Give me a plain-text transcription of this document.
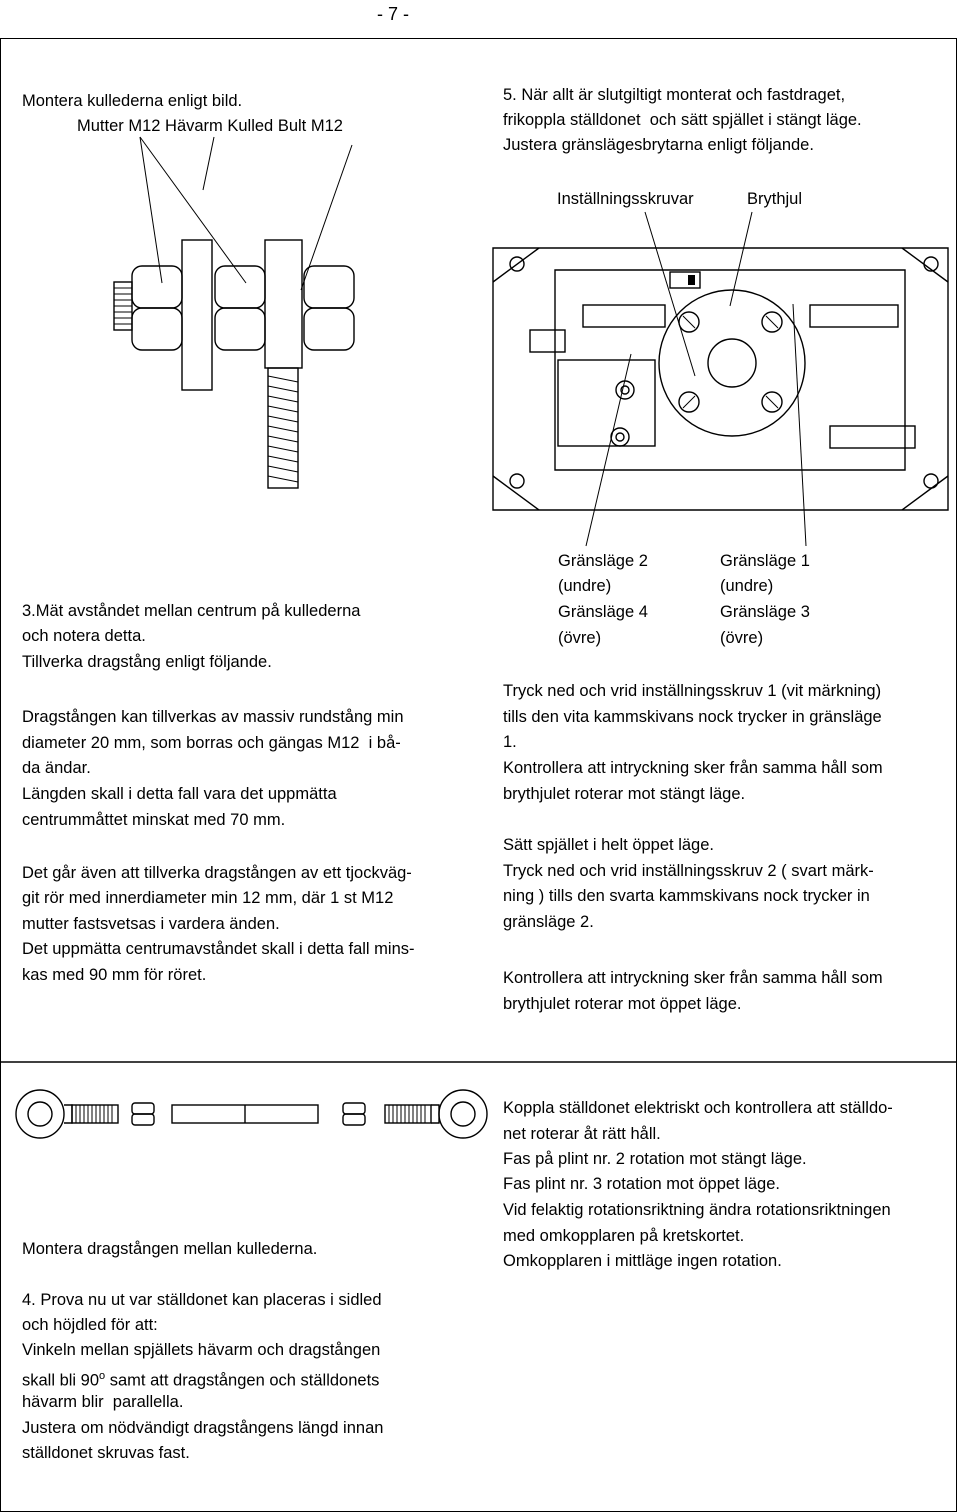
- 7 -
Montera kullederna enligt bild.
Mutter M12 Hävarm Kulled Bult M12
5. När allt är slutgiltigt monterat och fastdraget,
frikoppla ställdonet  och sätt spjället i stängt läge.
Justera gränslägesbrytarna enligt följande.
Inställningsskruvar	Brythjul
Gränsläge 2
(undre)
Gränsläge 4
(övre)
Gränsläge 1
(undre)
Gränsläge 3
(övre)
3.Mät avståndet mellan centrum på kullederna
och notera detta.
Tillverka dragstång enligt följande.
Dragstången kan tillverkas av massiv rundstång min
diameter 20 mm, som borras och gängas M12  i bå-
da ändar.
Längden skall i detta fall vara det uppmätta
centrummåttet minskat med 70 mm.
Det går även att tillverka dragstången av ett tjockväg-
git rör med innerdiameter min 12 mm, där 1 st M12
mutter fastsvetsas i vardera änden.
Det uppmätta centrumavståndet skall i detta fall mins-
kas med 90 mm för röret.
Tryck ned och vrid inställningsskruv 1 (vit märkning)
tills den vita kammskivans nock trycker in gränsläge
1.
Kontrollera att intryckning sker från samma håll som
brythjulet roterar mot stängt läge.
Sätt spjället i helt öppet läge.
Tryck ned och vrid inställningsskruv 2 ( svart märk-
ning ) tills den svarta kammskivans nock trycker in
gränsläge 2.
Kontrollera att intryckning sker från samma håll som
brythjulet roterar mot öppet läge.
Koppla ställdonet elektriskt och kontrollera att ställdo-
net roterar åt rätt håll.
Fas på plint nr. 2 rotation mot stängt läge.
Fas plint nr. 3 rotation mot öppet läge.
Vid felaktig rotationsriktning ändra rotationsriktningen
med omkopplaren på kretskortet.
Omkopplaren i mittläge ingen rotation.
Montera dragstången mellan kullederna.
4. Prova nu ut var ställdonet kan placeras i sidled
och höjdled för att:
Vinkeln mellan spjällets hävarm och dragstången
skall bli 90$^o$ samt att dragstången och ställdonets
hävarm blir  parallella.
Justera om nödvändigt dragstångens längd innan
ställdonet skruvas fast.
